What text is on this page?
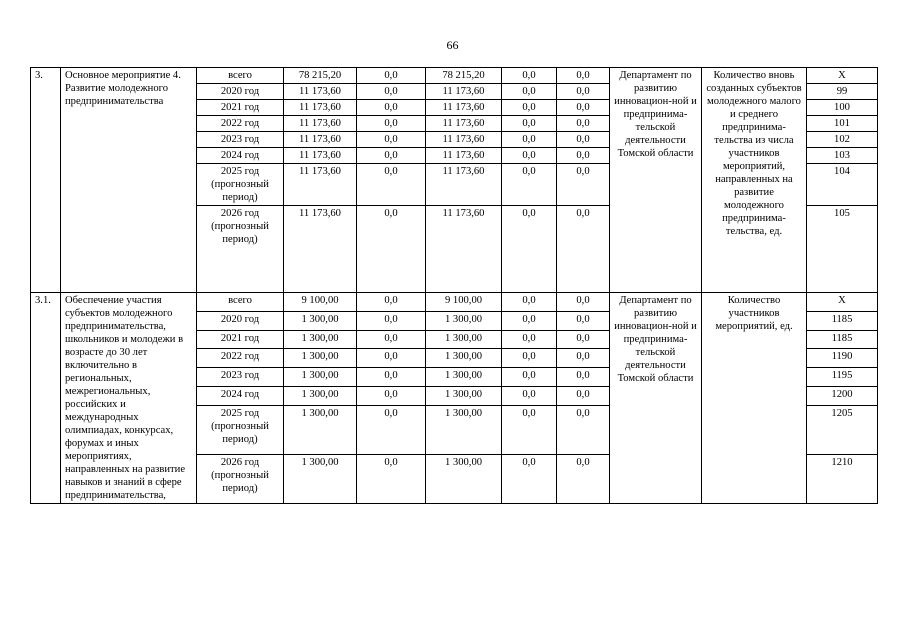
66
3.	Основное мероприятие 4. Развитие молодежного предпринимательства	всего	78 215,20	0,0	78 215,20	0,0	0,0	Департамент по развитию инновацион-ной и предпринима-тельской деятельности Томской области	Количество вновь созданных субъектов молодежного малого и среднего предпринима-тельства из числа участников мероприятий, направленных на развитие молодежного предпринима-тельства, ед.	Х
		2020 год	11 173,60	0,0	11 173,60	0,0	0,0			99
		2021 год	11 173,60	0,0	11 173,60	0,0	0,0			100
		2022 год	11 173,60	0,0	11 173,60	0,0	0,0			101
		2023 год	11 173,60	0,0	11 173,60	0,0	0,0			102
		2024 год	11 173,60	0,0	11 173,60	0,0	0,0			103
		2025 год (прогнозный период)	11 173,60	0,0	11 173,60	0,0	0,0			104
		2026 год (прогнозный период)	11 173,60	0,0	11 173,60	0,0	0,0			105
3.1.	Обеспечение участия субъектов молодежного предпринимательства, школьников и молодежи в возрасте до 30 лет включительно в региональных, межрегиональных, российских и международных олимпиадах, конкурсах, форумах и иных мероприятиях, направленных на развитие навыков и знаний в сфере предпринимательства,	всего	9 100,00	0,0	9 100,00	0,0	0,0	Департамент по развитию инновацион-ной и предпринима-тельской деятельности Томской области	Количество участников мероприятий, ед.	Х
		2020 год	1 300,00	0,0	1 300,00	0,0	0,0			1185
		2021 год	1 300,00	0,0	1 300,00	0,0	0,0			1185
		2022 год	1 300,00	0,0	1 300,00	0,0	0,0			1190
		2023 год	1 300,00	0,0	1 300,00	0,0	0,0			1195
		2024 год	1 300,00	0,0	1 300,00	0,0	0,0			1200
		2025 год (прогнозный период)	1 300,00	0,0	1 300,00	0,0	0,0			1205
		2026 год (прогнозный период)	1 300,00	0,0	1 300,00	0,0	0,0			1210
